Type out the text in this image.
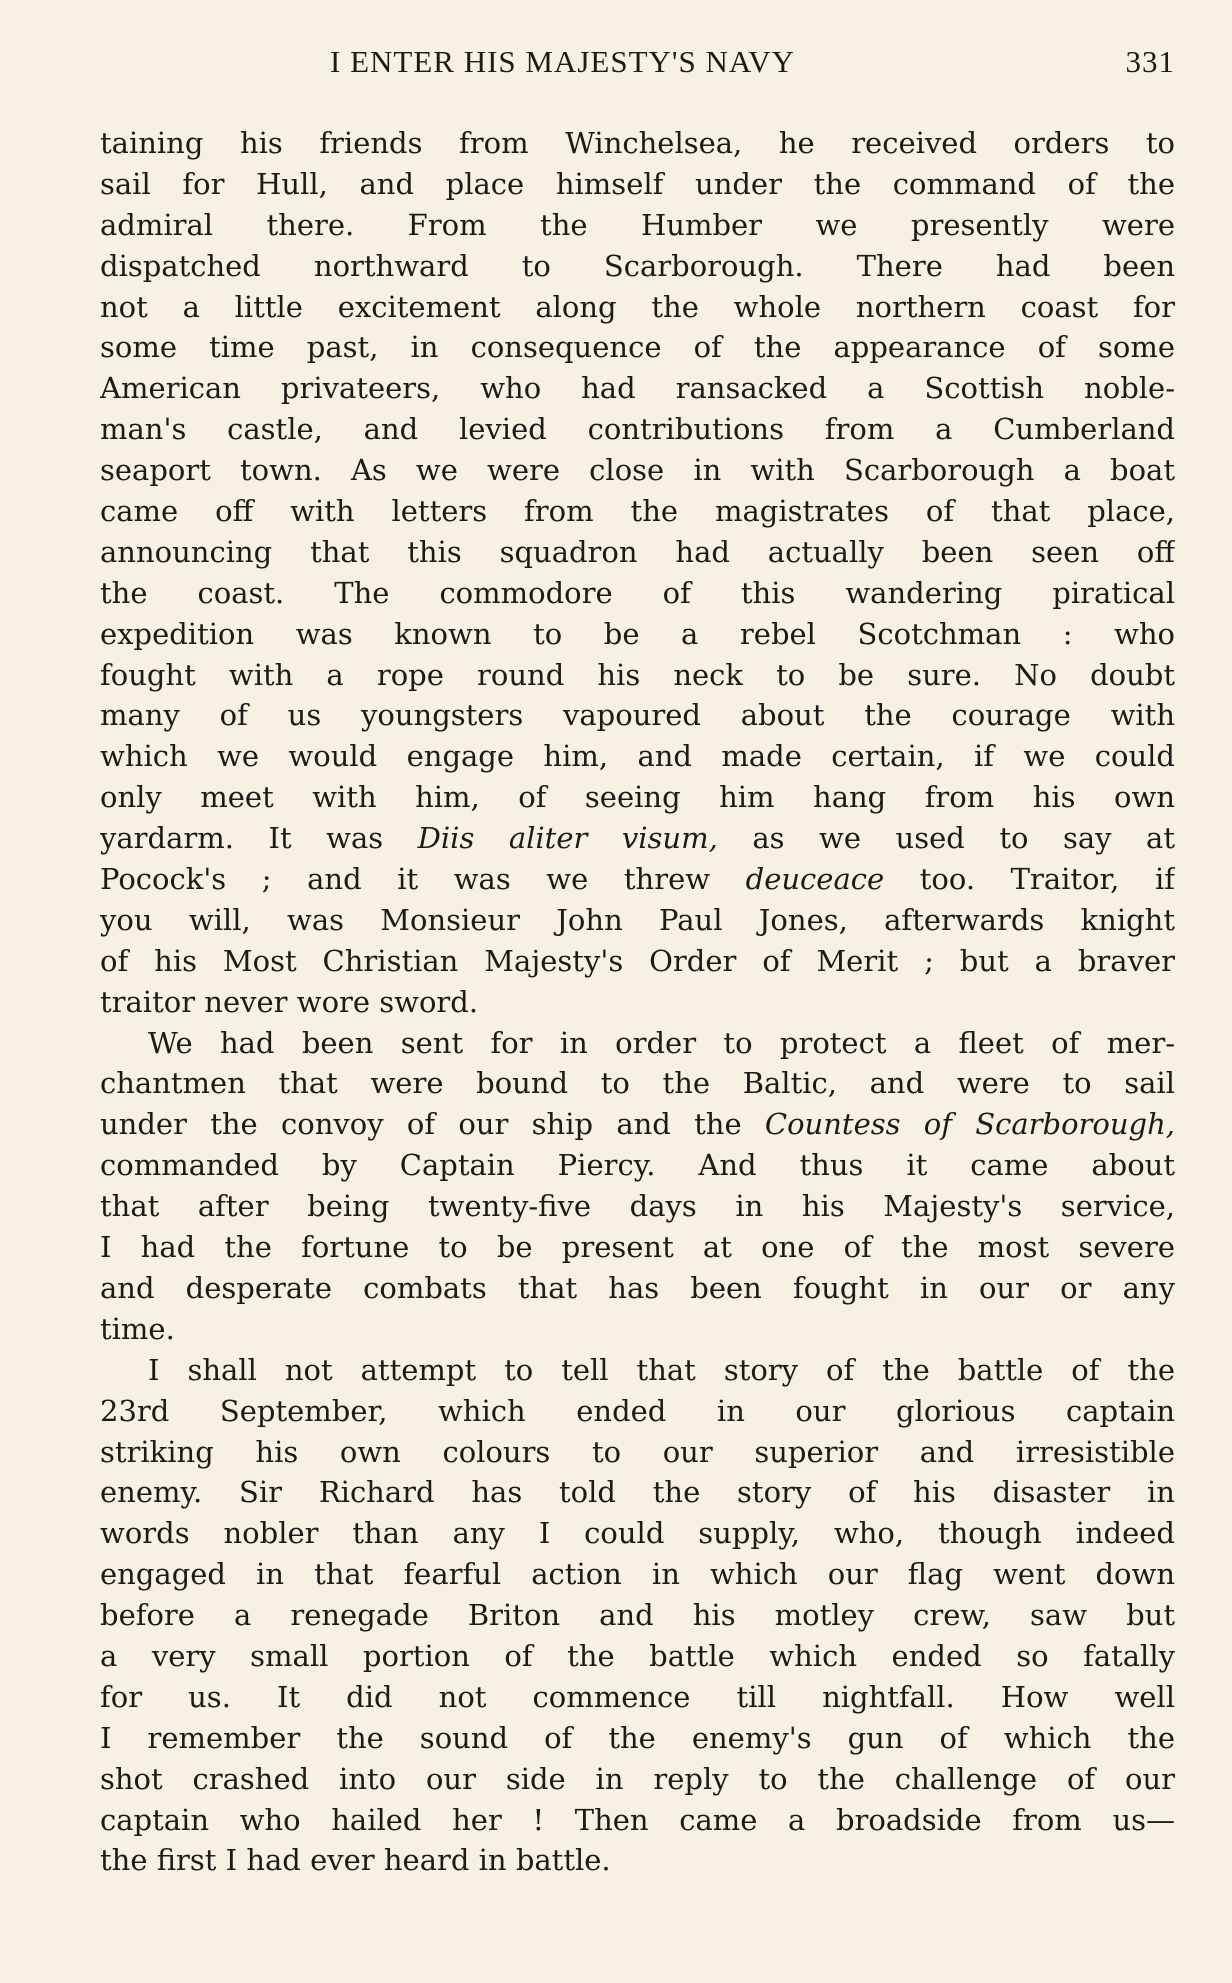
I ENTER HIS MAJESTY'S NAVY	331
taining his friends from Winchelsea, he received orders to
sail for Hull, and place himself under the command of the
admiral there. From the Humber we presently were
dispatched northward to Scarborough. There had been
not a little excitement along the whole northern coast for
some time past, in consequence of the appearance of some
American privateers, who had ransacked a Scottish noble-
man's castle, and levied contributions from a Cumberland
seaport town. As we were close in with Scarborough a boat
came off with letters from the magistrates of that place,
announcing that this squadron had actually been seen off
the coast. The commodore of this wandering piratical
expedition was known to be a rebel Scotchman : who
fought with a rope round his neck to be sure. No doubt
many of us youngsters vapoured about the courage with
which we would engage him, and made certain, if we could
only meet with him, of seeing him hang from his own
yardarm. It was Diis aliter visum, as we used to say at
Pocock's ; and it was we threw deuceace too. Traitor, if
you will, was Monsieur John Paul Jones, afterwards knight
of his Most Christian Majesty's Order of Merit ; but a braver
traitor never wore sword.
We had been sent for in order to protect a fleet of mer-
chantmen that were bound to the Baltic, and were to sail
under the convoy of our ship and the Countess of Scarborough,
commanded by Captain Piercy. And thus it came about
that after being twenty-five days in his Majesty's service,
I had the fortune to be present at one of the most severe
and desperate combats that has been fought in our or any
time.
I shall not attempt to tell that story of the battle of the
23rd September, which ended in our glorious captain
striking his own colours to our superior and irresistible
enemy. Sir Richard has told the story of his disaster in
words nobler than any I could supply, who, though indeed
engaged in that fearful action in which our flag went down
before a renegade Briton and his motley crew, saw but
a very small portion of the battle which ended so fatally
for us. It did not commence till nightfall. How well
I remember the sound of the enemy's gun of which the
shot crashed into our side in reply to the challenge of our
captain who hailed her ! Then came a broadside from us—
the first I had ever heard in battle.
